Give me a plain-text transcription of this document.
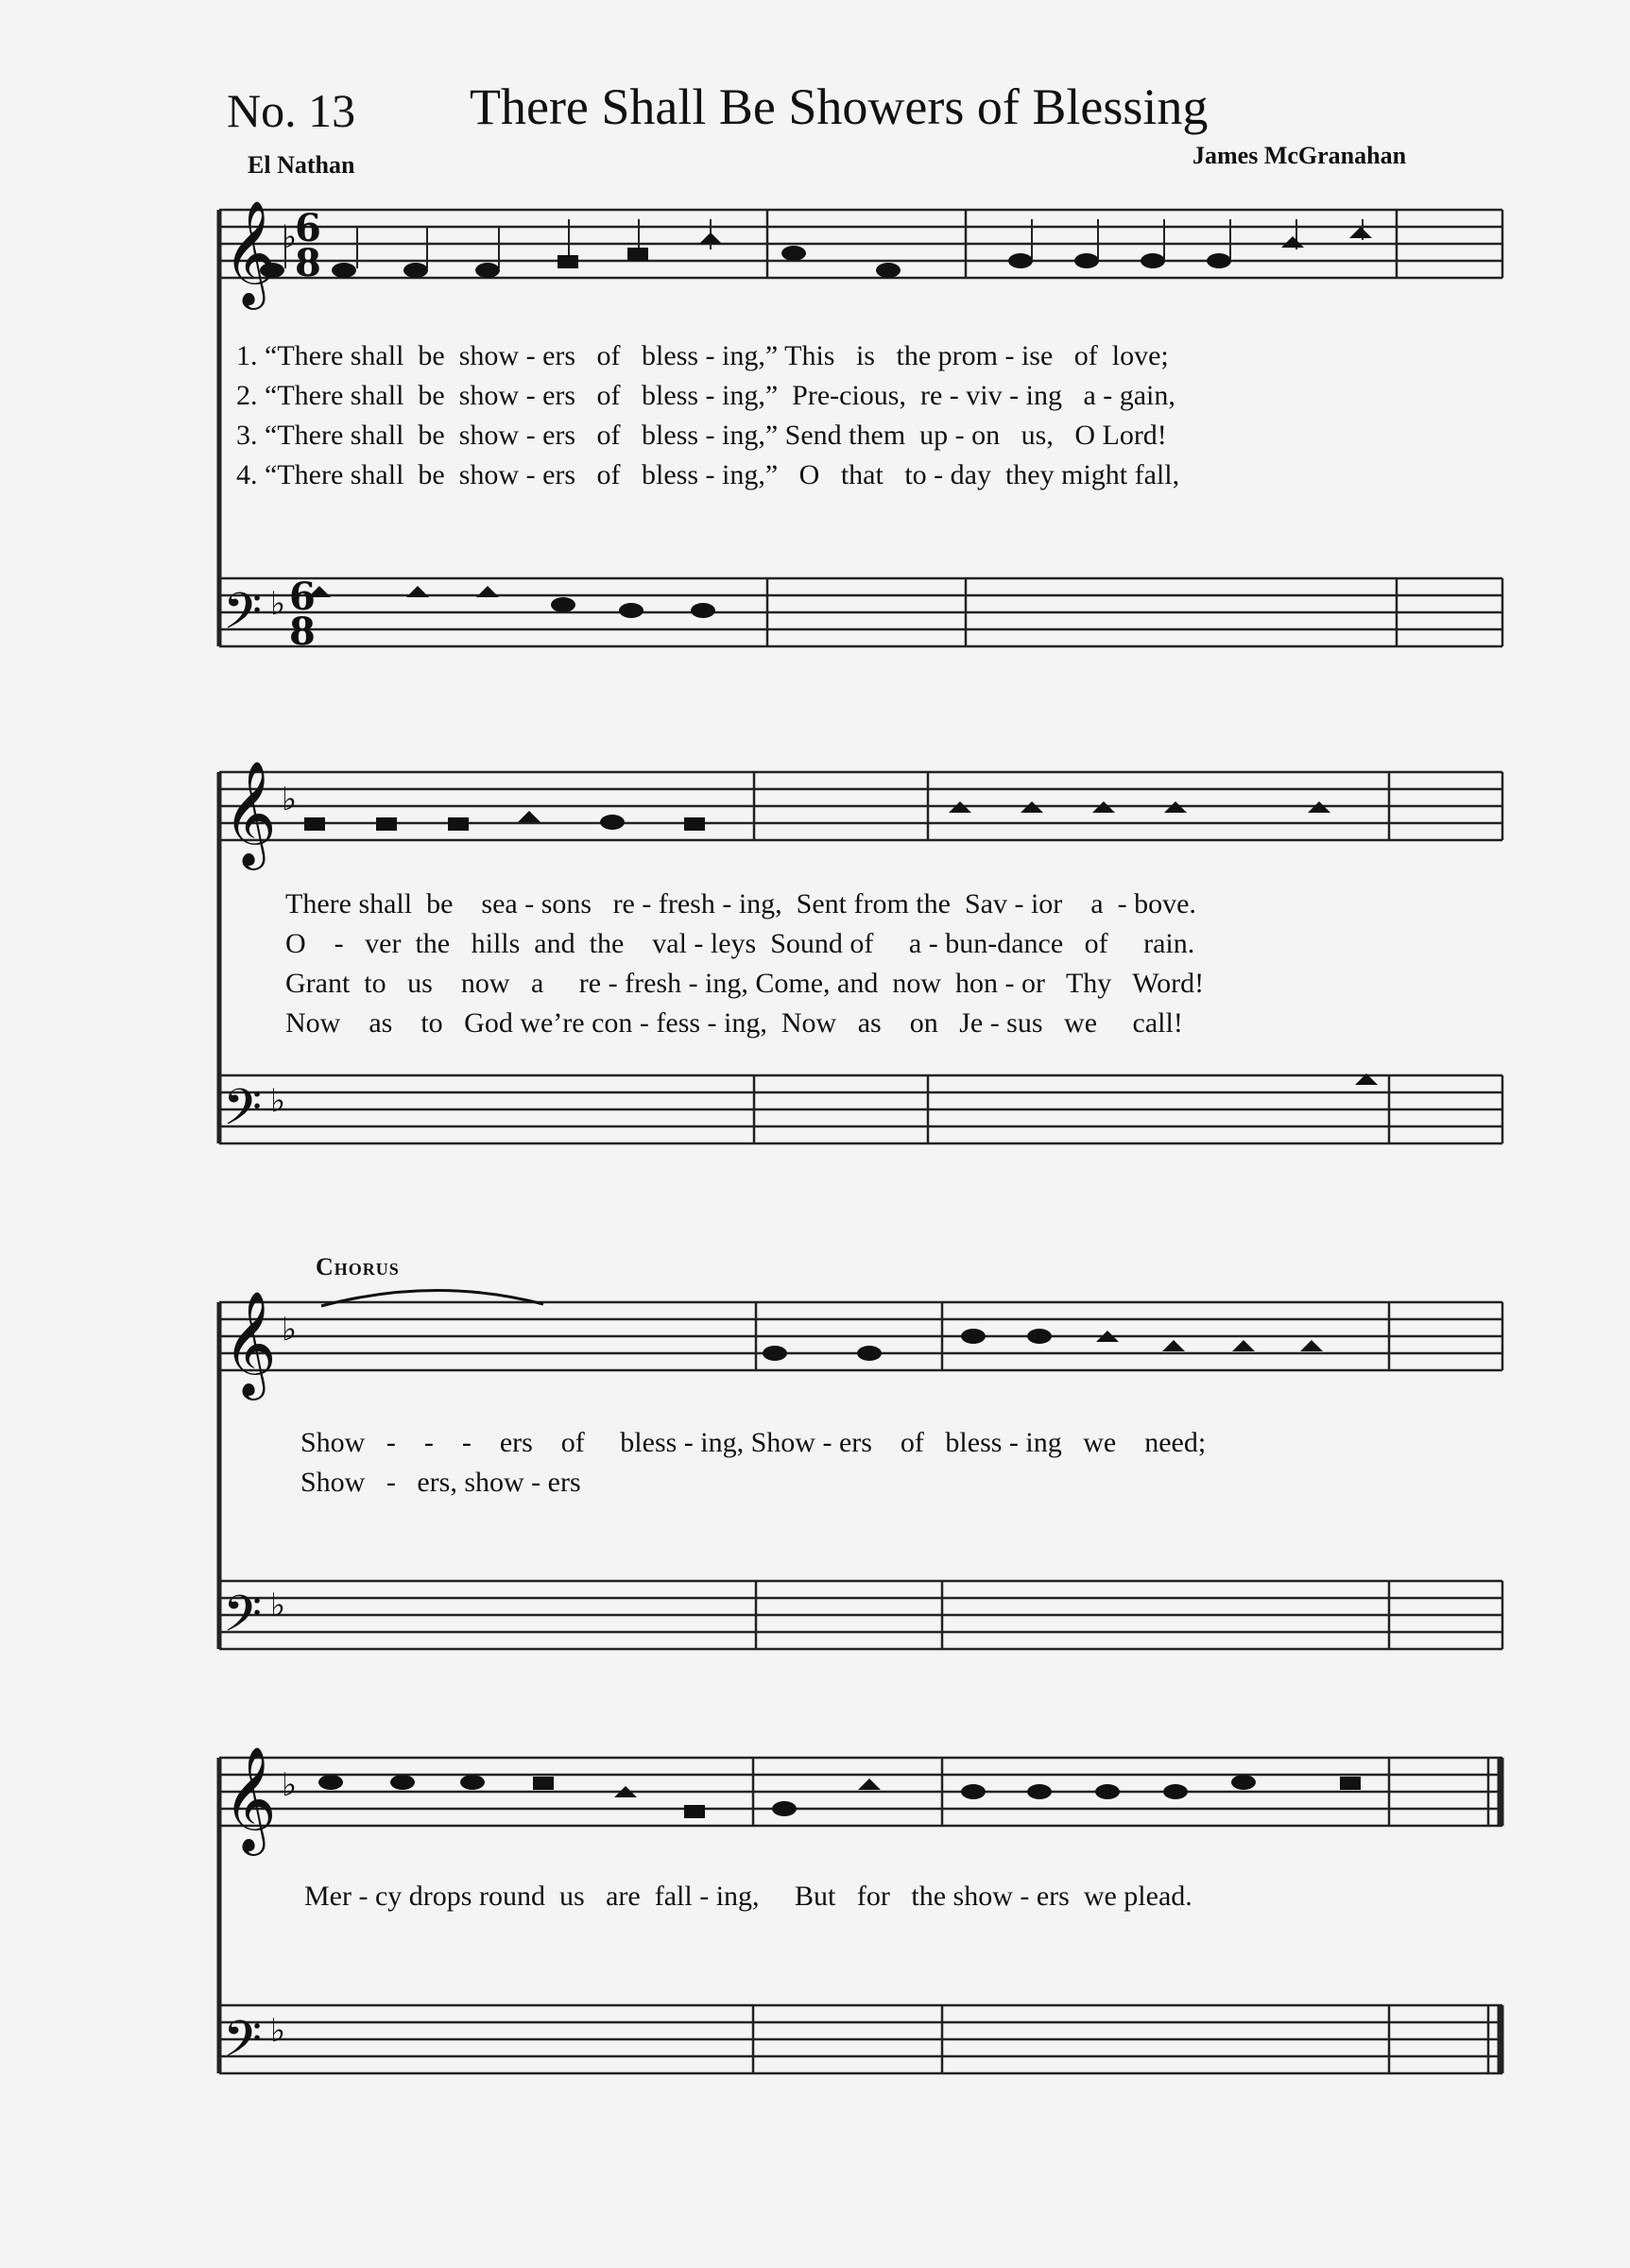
No. 13 There Shall Be Showers of Blessing
El Nathan	James McGranahan
𝄞
𝄞
𝄞
𝄞
𝄢
𝄢
𝄢
𝄢
♭
♭
♭
♭
♭
♭
♭
♭
6
8
6
8
Chorus
1. “There shall  be  show - ers   of   bless - ing,” This   is   the prom - ise   of  love;
2. “There shall  be  show - ers   of   bless - ing,”  Pre-cious,  re - viv - ing   a - gain,
3. “There shall  be  show - ers   of   bless - ing,” Send them  up - on   us,   O Lord!
4. “There shall  be  show - ers   of   bless - ing,”   O   that   to - day  they might fall,
There shall  be    sea - sons   re - fresh - ing,  Sent from the  Sav - ior    a  - bove.
O    -   ver  the   hills  and  the    val - leys  Sound of     a - bun-dance   of     rain.
Grant  to   us    now   a     re - fresh - ing, Come, and  now  hon - or   Thy   Word!
Now    as    to   God we’re con - fess - ing,  Now   as    on   Je - sus   we     call!
Show   -    -    -    ers    of     bless - ing, Show - ers    of   bless - ing   we    need;
Show   -   ers, show - ers
Mer - cy drops round  us   are  fall - ing,     But   for   the show - ers  we plead.
